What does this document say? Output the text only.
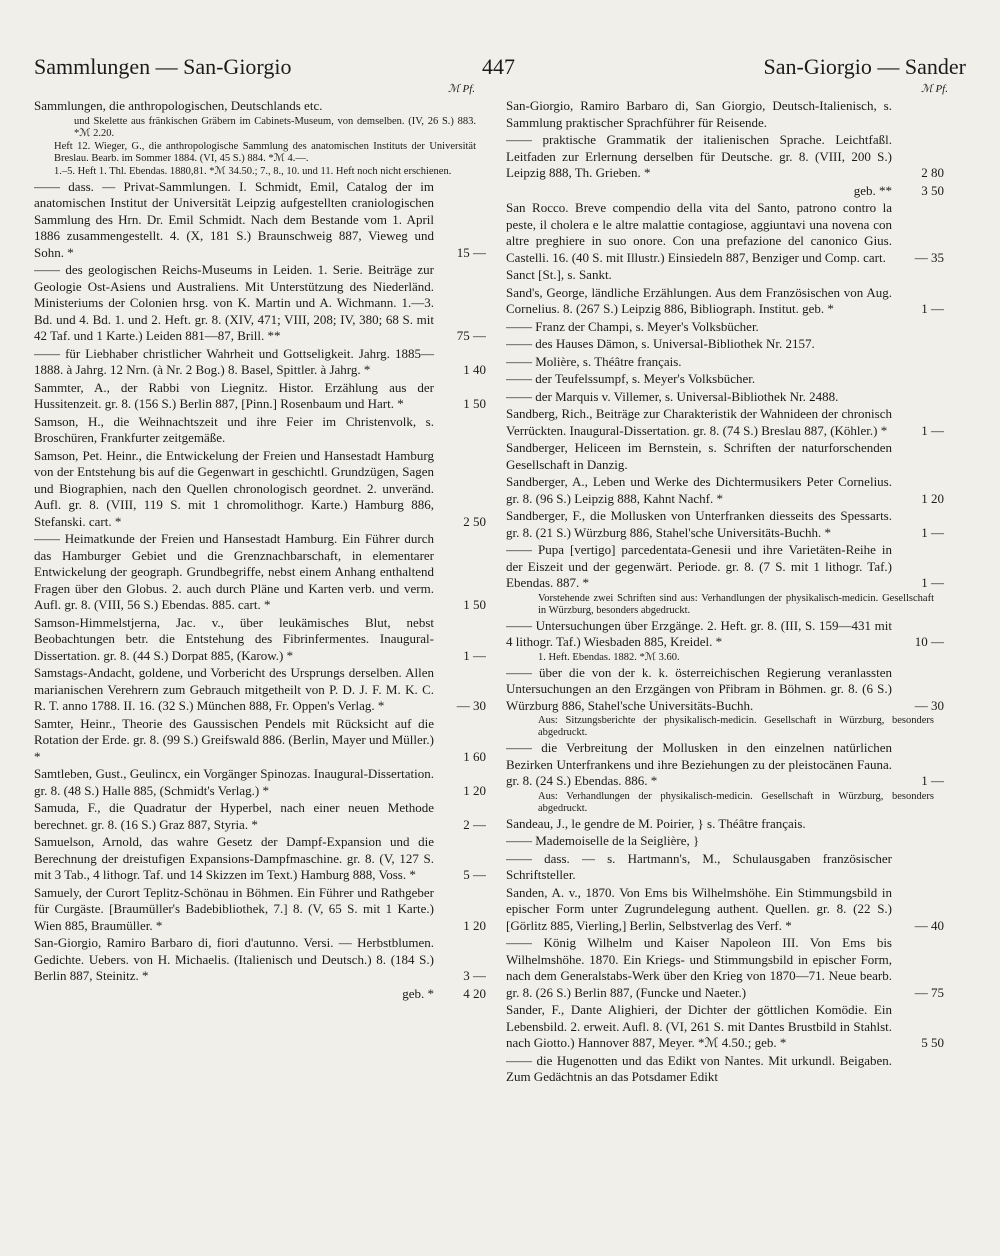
Sammlungen — San-Giorgio	447	San-Giorgio — Sander
ℳ Pf.	ℳ Pf.
Sammlungen, die anthropologischen, Deutschlands etc.
und Skelette aus fränkischen Gräbern im Cabinets-Museum, von demselben. (IV, 26 S.) 883. *ℳ 2.20.
Heft 12. Wieger, G., die anthropologische Sammlung des anatomischen Instituts der Universität Breslau. Bearb. im Sommer 1884. (VI, 45 S.) 884. *ℳ 4.—.
1.–5. Heft 1. Thl. Ebendas. 1880,81. *ℳ 34.50.; 7., 8., 10. und 11. Heft noch nicht erschienen.
—— dass. — Privat-Sammlungen. I. Schmidt, Emil, Catalog der im anatomischen Institut der Universität Leipzig aufgestellten craniologischen Sammlung des Hrn. Dr. Emil Schmidt. Nach dem Bestande vom 1. April 1886 zusammengestellt. 4. (X, 181 S.) Braunschweig 887, Vieweg und Sohn. *	15 —
—— des geologischen Reichs-Museums in Leiden. 1. Serie. Beiträge zur Geologie Ost-Asiens und Australiens. Mit Unterstützung des Niederländ. Ministeriums der Colonien hrsg. von K. Martin und A. Wichmann. 1.—3. Bd. und 4. Bd. 1. und 2. Heft. gr. 8. (XIV, 471; VIII, 208; IV, 380; 68 S. mit 42 Taf. und 1 Karte.) Leiden 881—87, Brill. **	75 —
—— für Liebhaber christlicher Wahrheit und Gottseligkeit. Jahrg. 1885—1888. à Jahrg. 12 Nrn. (à Nr. 2 Bog.) 8. Basel, Spittler. à Jahrg. *	1 40
Sammter, A., der Rabbi von Liegnitz. Histor. Erzählung aus der Hussitenzeit. gr. 8. (156 S.) Berlin 887, [Pinn.] Rosenbaum und Hart. *	1 50
Samson, H., die Weihnachtszeit und ihre Feier im Christenvolk, s. Broschüren, Frankfurter zeitgemäße.
Samson, Pet. Heinr., die Entwickelung der Freien und Hansestadt Hamburg von der Entstehung bis auf die Gegenwart in geschichtl. Grundzügen, Sagen und Biographien, nach den Quellen chronologisch geordnet. 2. unveränd. Aufl. gr. 8. (VIII, 119 S. mit 1 chromolithogr. Karte.) Hamburg 886, Stefanski. cart. *	2 50
—— Heimatkunde der Freien und Hansestadt Hamburg. Ein Führer durch das Hamburger Gebiet und die Grenznachbarschaft, in elementarer Entwickelung der geograph. Grundbegriffe, nebst einem Anhang enthaltend Fragen über den Globus. 2. auch durch Pläne und Karten verb. und verm. Aufl. gr. 8. (VIII, 56 S.) Ebendas. 885. cart. *	1 50
Samson-Himmelstjerna, Jac. v., über leukämisches Blut, nebst Beobachtungen betr. die Entstehung des Fibrinfermentes. Inaugural-Dissertation. gr. 8. (44 S.) Dorpat 885, (Karow.) *	1 —
Samstags-Andacht, goldene, und Vorbericht des Ursprungs derselben. Allen marianischen Verehrern zum Gebrauch mitgetheilt von P. D. J. F. M. K. C. R. T. anno 1788. II. 16. (32 S.) München 888, Fr. Oppen's Verlag. *	— 30
Samter, Heinr., Theorie des Gaussischen Pendels mit Rücksicht auf die Rotation der Erde. gr. 8. (99 S.) Greifswald 886. (Berlin, Mayer und Müller.) *	1 60
Samtleben, Gust., Geulincx, ein Vorgänger Spinozas. Inaugural-Dissertation. gr. 8. (48 S.) Halle 885, (Schmidt's Verlag.) *	1 20
Samuda, F., die Quadratur der Hyperbel, nach einer neuen Methode berechnet. gr. 8. (16 S.) Graz 887, Styria. *	2 —
Samuelson, Arnold, das wahre Gesetz der Dampf-Expansion und die Berechnung der dreistufigen Expansions-Dampfmaschine. gr. 8. (V, 127 S. mit 3 Tab., 4 lithogr. Taf. und 14 Skizzen im Text.) Hamburg 888, Voss. *	5 —
Samuely, der Curort Teplitz-Schönau in Böhmen. Ein Führer und Rathgeber für Curgäste. [Braumüller's Badebibliothek, 7.] 8. (V, 65 S. mit 1 Karte.) Wien 885, Braumüller. *	1 20
San-Giorgio, Ramiro Barbaro di, fiori d'autunno. Versi. — Herbstblumen. Gedichte. Uebers. von H. Michaelis. (Italienisch und Deutsch.) 8. (184 S.) Berlin 887, Steinitz. *	3 —
geb. *	4 20
San-Giorgio, Ramiro Barbaro di, San Giorgio, Deutsch-Italienisch, s. Sammlung praktischer Sprachführer für Reisende.
—— praktische Grammatik der italienischen Sprache. Leichtfaßl. Leitfaden zur Erlernung derselben für Deutsche. gr. 8. (VIII, 200 S.) Leipzig 888, Th. Grieben. *	2 80
geb. **	3 50
San Rocco. Breve compendio della vita del Santo, patrono contro la peste, il cholera e le altre malattie contagiose, aggiuntavi una novena con altre preghiere in suo onore. Con una prefazione del canonico Gius. Castelli. 16. (40 S. mit Illustr.) Einsiedeln 887, Benziger und Comp. cart.	— 35
Sanct [St.], s. Sankt.
Sand's, George, ländliche Erzählungen. Aus dem Französischen von Aug. Cornelius. 8. (267 S.) Leipzig 886, Bibliograph. Institut. geb. *	1 —
—— Franz der Champi, s. Meyer's Volksbücher.
—— des Hauses Dämon, s. Universal-Bibliothek Nr. 2157.
—— Molière, s. Théâtre français.
—— der Teufelssumpf, s. Meyer's Volksbücher.
—— der Marquis v. Villemer, s. Universal-Bibliothek Nr. 2488.
Sandberg, Rich., Beiträge zur Charakteristik der Wahnideen der chronisch Verrückten. Inaugural-Dissertation. gr. 8. (74 S.) Breslau 887, (Köhler.) *	1 —
Sandberger, Heliceen im Bernstein, s. Schriften der naturforschenden Gesellschaft in Danzig.
Sandberger, A., Leben und Werke des Dichtermusikers Peter Cornelius. gr. 8. (96 S.) Leipzig 888, Kahnt Nachf. *	1 20
Sandberger, F., die Mollusken von Unterfranken diesseits des Spessarts. gr. 8. (21 S.) Würzburg 886, Stahel'sche Universitäts-Buchh. *	1 —
—— Pupa [vertigo] parcedentata-Genesii und ihre Varietäten-Reihe in der Eiszeit und der gegenwärt. Periode. gr. 8. (7 S. mit 1 lithogr. Taf.) Ebendas. 887. *	1 —
Vorstehende zwei Schriften sind aus: Verhandlungen der physikalisch-medicin. Gesellschaft in Würzburg, besonders abgedruckt.
—— Untersuchungen über Erzgänge. 2. Heft. gr. 8. (III, S. 159—431 mit 4 lithogr. Taf.) Wiesbaden 885, Kreidel. *	10 —
1. Heft. Ebendas. 1882. *ℳ 3.60.
—— über die von der k. k. österreichischen Regierung veranlassten Untersuchungen an den Erzgängen von Přibram in Böhmen. gr. 8. (6 S.) Würzburg 886, Stahel'sche Universitäts-Buchh.	— 30
Aus: Sitzungsberichte der physikalisch-medicin. Gesellschaft in Würzburg, besonders abgedruckt.
—— die Verbreitung der Mollusken in den einzelnen natürlichen Bezirken Unterfrankens und ihre Beziehungen zu der pleistocänen Fauna. gr. 8. (24 S.) Ebendas. 886. *	1 —
Aus: Verhandlungen der physikalisch-medicin. Gesellschaft in Würzburg, besonders abgedruckt.
Sandeau, J., le gendre de M. Poirier, } s. Théâtre français.
—— Mademoiselle de la Seiglière, }
—— dass. — s. Hartmann's, M., Schulausgaben französischer Schriftsteller.
Sanden, A. v., 1870. Von Ems bis Wilhelmshöhe. Ein Stimmungsbild in epischer Form unter Zugrundelegung authent. Quellen. gr. 8. (22 S.) [Görlitz 885, Vierling,] Berlin, Selbstverlag des Verf. *	— 40
—— König Wilhelm und Kaiser Napoleon III. Von Ems bis Wilhelmshöhe. 1870. Ein Kriegs- und Stimmungsbild in epischer Form, nach dem Generalstabs-Werk über den Krieg von 1870—71. Neue bearb. gr. 8. (26 S.) Berlin 887, (Funcke und Naeter.)	— 75
Sander, F., Dante Alighieri, der Dichter der göttlichen Komödie. Ein Lebensbild. 2. erweit. Aufl. 8. (VI, 261 S. mit Dantes Brustbild in Stahlst. nach Giotto.) Hannover 887, Meyer. *ℳ 4.50.; geb. *	5 50
—— die Hugenotten und das Edikt von Nantes. Mit urkundl. Beigaben. Zum Gedächtnis an das Potsdamer Edikt
